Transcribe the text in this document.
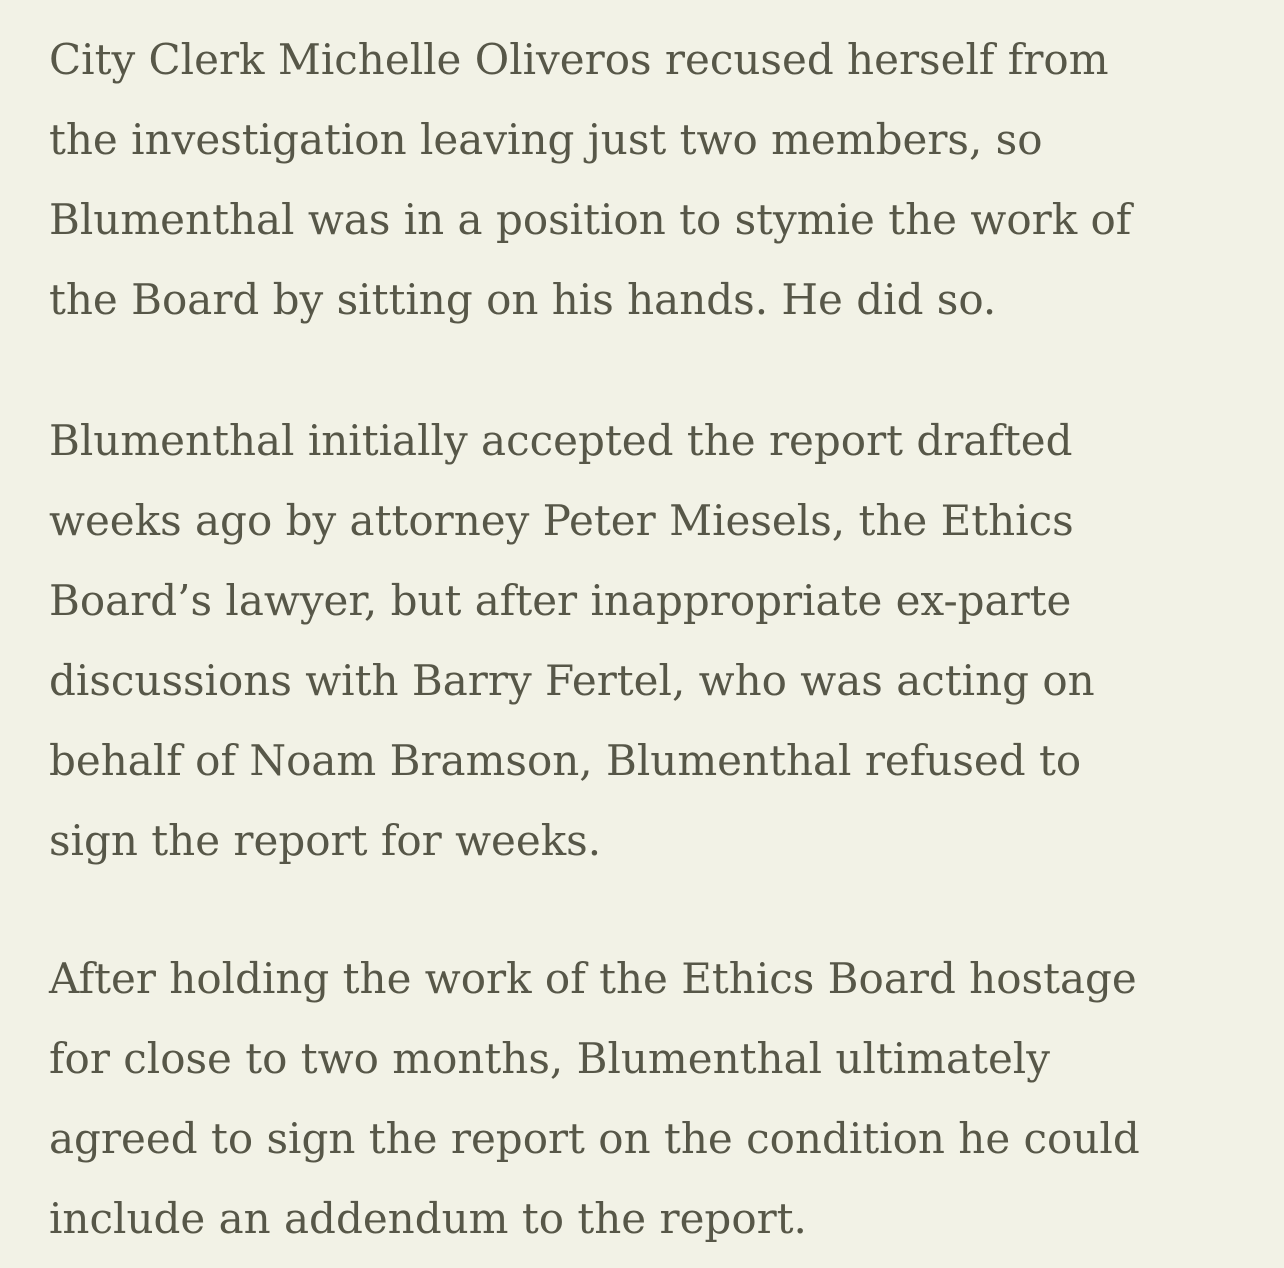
City Clerk Michelle Oliveros recused herself from
the investigation leaving just two members, so
Blumenthal was in a position to stymie the work of
the Board by sitting on his hands. He did so.

Blumenthal initially accepted the report drafted
weeks ago by attorney Peter Miesels, the Ethics
Board’s lawyer, but after inappropriate ex-parte
discussions with Barry Fertel, who was acting on
behalf of Noam Bramson, Blumenthal refused to
sign the report for weeks.

After holding the work of the Ethics Board hostage
for close to two months, Blumenthal ultimately
agreed to sign the report on the condition he could
include an addendum to the report.
